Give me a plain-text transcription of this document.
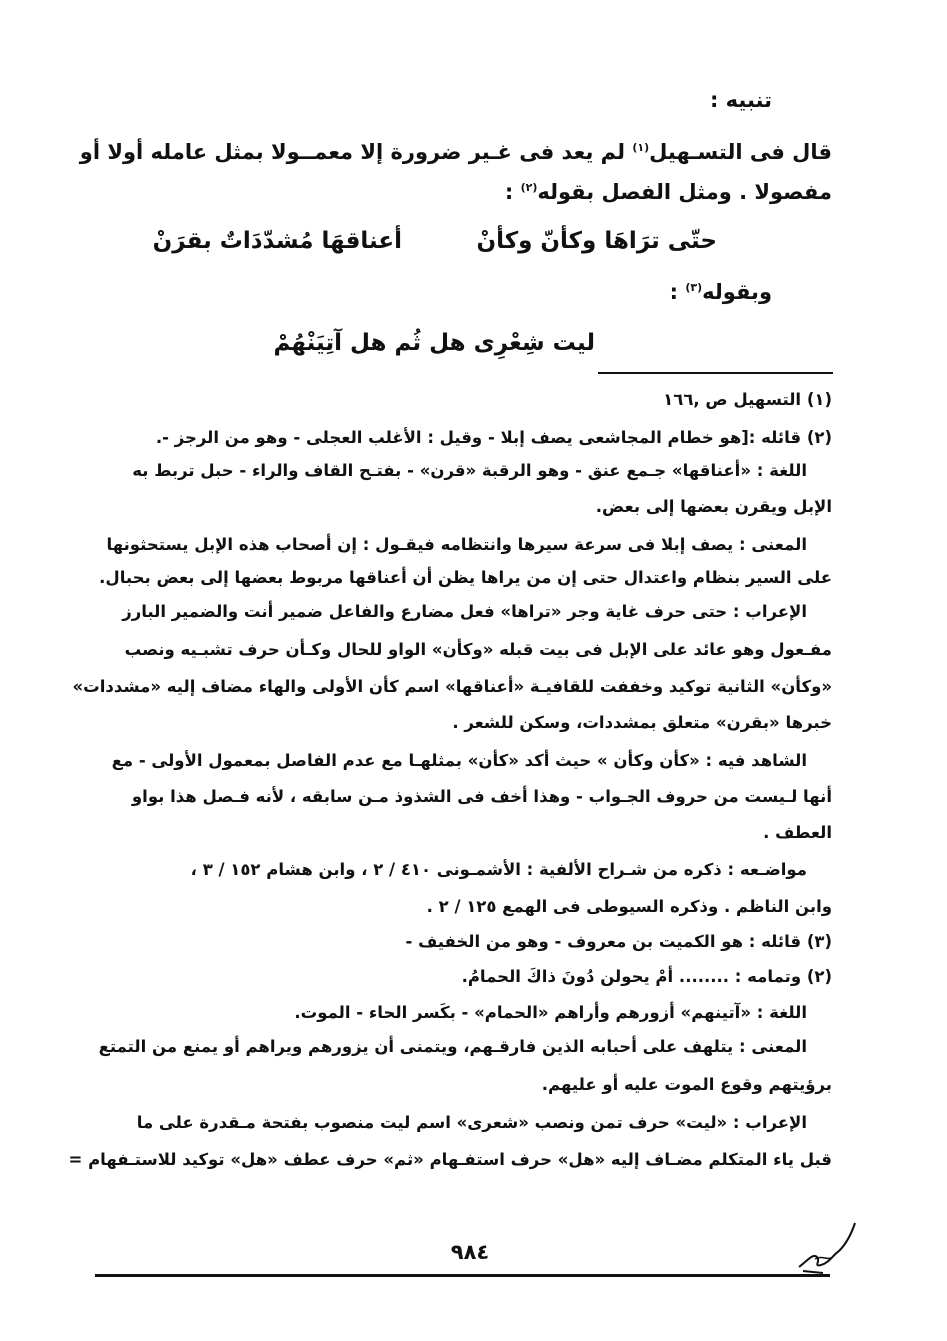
تنبيه :
قال فى التسـهيل$^{(١)}$ لم يعد فى غـير ضرورة إلا معمــولا بمثل عامله أولا أو
مفصولا . ومثل الفصل بقوله$^{(٢)}$ :
حتّى ترَاهَا وكأنّ وكأنْ
أعناقهَا مُشدّدَاتٌ بقرَنْ
وبقوله$^{(٣)}$ :
ليت شِعْرِى هل ثُم هل آتِيَنْهُمْ
(١) التسهيل ص ,١٦٦
(٢) قائله :[هو خطام المجاشعى يصف إبلا - وقيل : الأغلب العجلى - وهو من الرجز -.
اللغة : «أعناقها» جـمع عنق - وهو الرقبة «قرن» - بفتـح القاف والراء - حبل تربط به
الإبل ويقرن بعضها إلى بعض.
المعنى : يصف إبلا فى سرعة سيرها وانتظامه فيقـول : إن أصحاب هذه الإبل يستحثونها
على السير بنظام واعتدال حتى إن من يراها يظن أن أعناقها مربوط بعضها إلى بعض بحبال.
الإعراب : حتى حرف غاية وجر «تراها» فعل مضارع والفاعل ضمير أنت والضمير البارز
مفـعول وهو عائد على الإبل فى بيت قبله «وكأن» الواو للحال وكـأن حرف تشبـيه ونصب
«وكأن» الثانية توكيد وخففت للقافيـة «أعناقها» اسم كأن الأولى والهاء مضاف إليه «مشددات»
خبرها «بقرن» متعلق بمشددات، وسكن للشعر .
الشاهد فيه : «كأن وكأن » حيث أكد «كأن» بمثلهـا مع عدم الفاصل بمعمول الأولى - مع
أنها لـيست من حروف الجـواب - وهذا أخف فى الشذوذ مـن سابقه ، لأنه فـصل هذا بواو
العطف .
مواضـعه : ذكره من شـراح الألفية : الأشمـونى ٤١٠ / ٢ ، وابن هشام ١٥٢ / ٣ ،
وابن الناظم . وذكره السيوطى فى الهمع ١٢٥ / ٢ .
(٣) قائله : هو الكميت بن معروف - وهو من الخفيف -
(٢) وتمامه : ........ أمْ يحولن دُونَ ذاكَ الحمامُ.
اللغة : «آتينهم» أزورهم وأراهم «الحمام» - بكَسر الحاء - الموت.
المعنى : يتلهف على أحبابه الذين فارقـهم، ويتمنى أن يزورهم ويراهم أو يمنع من التمتع
برؤيتهم وقوع الموت عليه أو عليهم.
الإعراب : «ليت» حرف تمن ونصب «شعرى» اسم ليت منصوب بفتحة مـقدرة على ما
قبل ياء المتكلم مضـاف إليه «هل» حرف استفـهام «ثم» حرف عطف «هل» توكيد للاستـفهام =
٩٨٤
